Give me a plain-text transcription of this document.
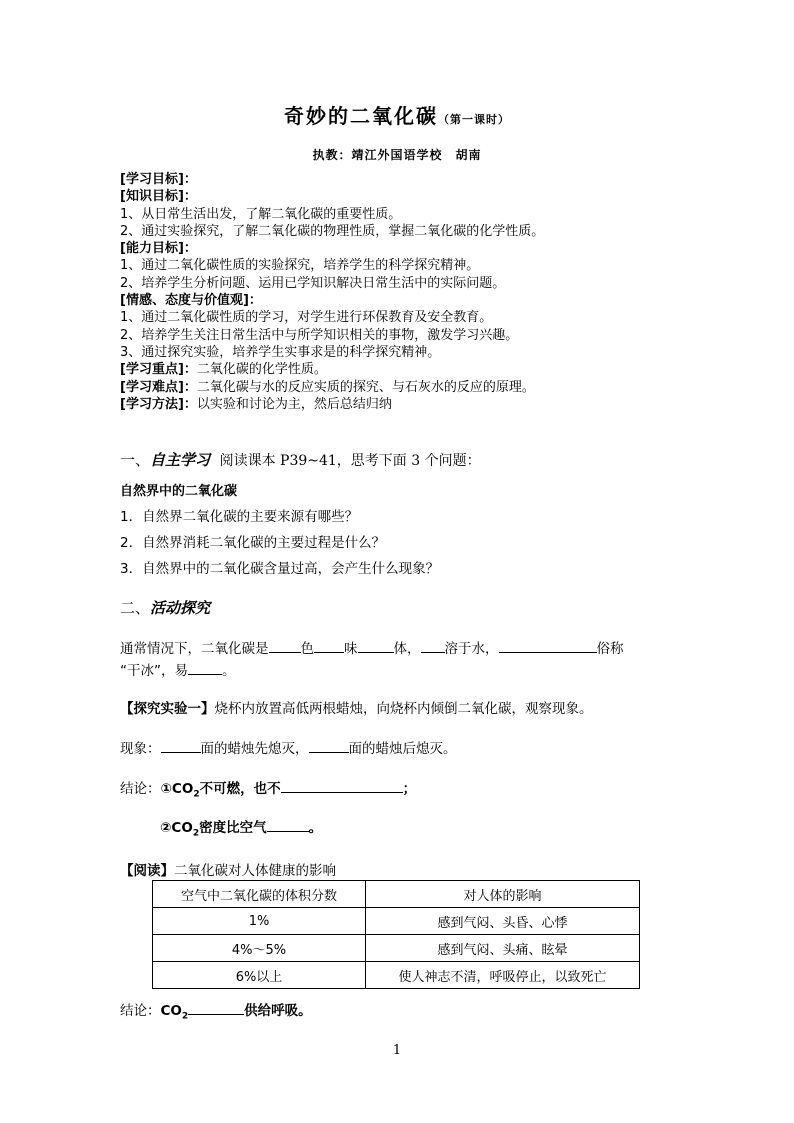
奇妙的二氧化碳（第一课时）
执教：靖江外国语学校　胡南
[学习目标]：
[知识目标]：
1、从日常生活出发，了解二氧化碳的重要性质。
2、通过实验探究，了解二氧化碳的物理性质，掌握二氧化碳的化学性质。
[能力目标]：
1、通过二氧化碳性质的实验探究，培养学生的科学探究精神。
2、培养学生分析问题、运用已学知识解决日常生活中的实际问题。
[情感、态度与价值观]：
1、通过二氧化碳性质的学习，对学生进行环保教育及安全教育。
2、培养学生关注日常生活中与所学知识相关的事物，激发学习兴趣。
3、通过探究实验，培养学生实事求是的科学探究精神。
[学习重点]：二氧化碳的化学性质。
[学习难点]：二氧化碳与水的反应实质的探究、与石灰水的反应的原理。
[学习方法]：以实验和讨论为主，然后总结归纳
一、自主学习 阅读课本 P39~41，思考下面 3 个问题：
自然界中的二氧化碳
1．自然界二氧化碳的主要来源有哪些？
2．自然界消耗二氧化碳的主要过程是什么？
3．自然界中的二氧化碳含量过高，会产生什么现象？
二、活动探究
通常情况下，二氧化碳是 色 味	体， 溶于水，	俗称
“干冰”，易	。
【探究实验一】烧杯内放置高低两根蜡烛，向烧杯内倾倒二氧化碳，观察现象。
现象：	面的蜡烛先熄灭，	面的蜡烛后熄灭。
结论：$①CO_2$不可燃，也不	；
$②CO_2$密度比空气	。
【阅读】二氧化碳对人体健康的影响
空气中二氧化碳的体积分数	对人体的影响
1%	感到气闷、头昏、心悸
4%～5%	感到气闷、头痛、眩晕
6%以上	使人神志不清，呼吸停止，以致死亡
结论：$CO_2$	供给呼吸。
1
